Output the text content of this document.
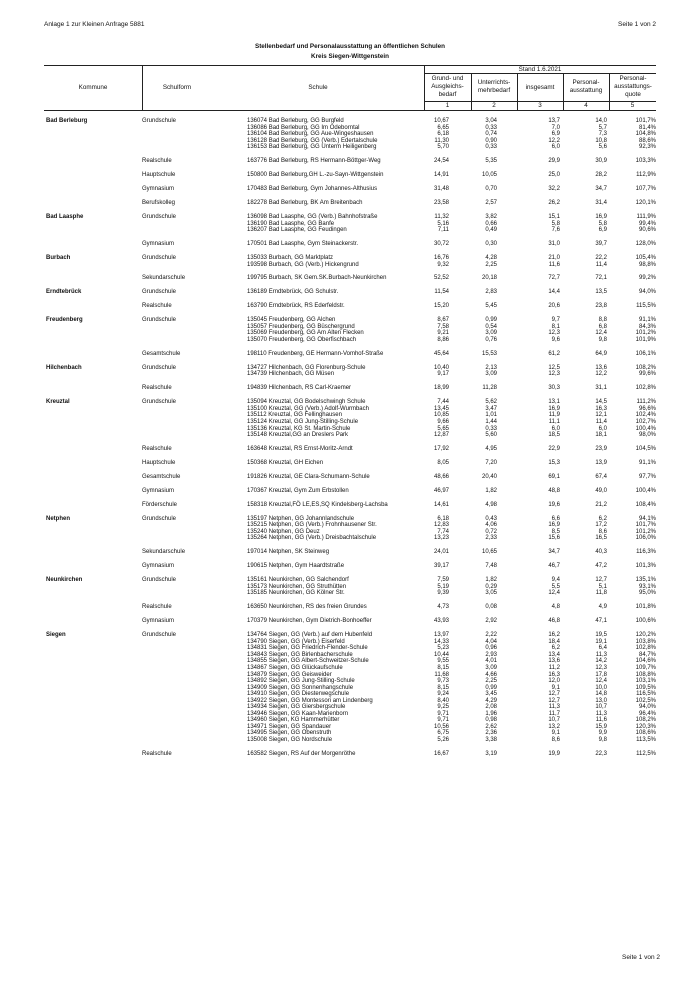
Anlage 1 zur Kleinen Anfrage 5881	Seite 1 von 2
Stellenbedarf und Personalausstattung an öffentlichen Schulen
Kreis Siegen-Wittgenstein
Kommune	Schulform	Schule
Stand 1.6.2021
Grund- und Ausgleichs-bedarf
Unterrichts-mehrbedarf	insgesamt
Personal-ausstattung
Personal-ausstattungs-quote
1	2	3	4	5
Bad Berleburg	Grundschule	136074 Bad Berleburg, GG Burgfeld	10,67	3,04	13,7	14,0	101,7%
136086 Bad Berleburg, GG Im Odeborntal	6,65	0,33	7,0	5,7	81,4%
136104 Bad Berleburg, GG Aue-Wingeshausen	6,18	0,74	6,9	7,3	104,8%
136128 Bad Berleburg, GG (Verb.) Edertalschule	11,30	0,90	12,2	10,8	88,6%
136153 Bad Berleburg, GG Unterm Heiligenberg	5,70	0,33	6,0	5,6	92,3%
Realschule	163776 Bad Berleburg, RS Hermann-Böttger-Weg	24,54	5,35	29,9	30,9	103,3%
Hauptschule	150800 Bad Berleburg,GH L.-zu-Sayn-Wittgenstein	14,91	10,05	25,0	28,2	112,9%
Gymnasium	170483 Bad Berleburg, Gym Johannes-Althusius	31,48	0,70	32,2	34,7	107,7%
Berufskolleg	182278 Bad Berleburg, BK Am Breitenbach	23,58	2,57	26,2	31,4	120,1%
Bad Laasphe	Grundschule	136098 Bad Laasphe, GG (Verb.) Bahnhofstraße	11,32	3,82	15,1	16,9	111,9%
136190 Bad Laasphe, GG Banfe	5,16	0,66	5,8	5,8	99,4%
136207 Bad Laasphe, GG Feudingen	7,11	0,49	7,6	6,9	90,6%
Gymnasium	170501 Bad Laasphe, Gym Steinackerstr.	30,72	0,30	31,0	39,7	128,0%
Burbach	Grundschule	135033 Burbach, GG Marktplatz	16,76	4,28	21,0	22,2	105,4%
193598 Burbach, GG (Verb.) Hickengrund	9,32	2,25	11,6	11,4	98,8%
Sekundarschule	199795 Burbach, SK Gem.SK.Burbach-Neunkirchen	52,52	20,18	72,7	72,1	99,2%
Erndtebrück	Grundschule	136189 Erndtebrück, GG Schulstr.	11,54	2,83	14,4	13,5	94,0%
Realschule	163790 Erndtebrück, RS Ederfeldstr.	15,20	5,45	20,6	23,8	115,5%
Freudenberg	Grundschule	135045 Freudenberg, GG Alchen	8,67	0,99	9,7	8,8	91,1%
135057 Freudenberg, GG Büschergrund	7,58	0,54	8,1	6,8	84,3%
135069 Freudenberg, GG Am Alten Flecken	9,21	3,09	12,3	12,4	101,2%
135070 Freudenberg, GG Oberfischbach	8,86	0,76	9,6	9,8	101,9%
Gesamtschule	198110 Freudenberg, GE Hermann-Vomhof-Straße	45,64	15,53	61,2	64,9	106,1%
Hilchenbach	Grundschule	134727 Hilchenbach, GG Florenburg-Schule	10,40	2,13	12,5	13,6	108,2%
134739 Hilchenbach, GG Müsen	9,17	3,09	12,3	12,2	99,6%
Realschule	194839 Hilchenbach, RS Carl-Kraemer	18,99	11,28	30,3	31,1	102,8%
Kreuztal	Grundschule	135094 Kreuztal, GG Bodelschwingh Schule	7,44	5,62	13,1	14,5	111,2%
135100 Kreuztal, GG (Verb.) Adolf-Wurmbach	13,45	3,47	16,9	16,3	96,6%
135112 Kreuztal, GG Fellinghausen	10,85	1,01	11,9	12,1	102,4%
135124 Kreuztal, GG Jung-Stilling-Schule	9,66	1,44	11,1	11,4	102,7%
135136 Kreuztal, KG St. Martin-Schule	5,65	0,33	6,0	6,0	100,4%
135148 Kreuztal,GG an Dreslers Park	12,87	5,60	18,5	18,1	98,0%
Realschule	163648 Kreuztal, RS Ernst-Moritz-Arndt	17,92	4,95	22,9	23,9	104,5%
Hauptschule	150368 Kreuztal, GH Eichen	8,05	7,20	15,3	13,9	91,1%
Gesamtschule	191826 Kreuztal, GE Clara-Schumann-Schule	48,66	20,40	69,1	67,4	97,7%
Gymnasium	170367 Kreuztal, Gym Zum Erbstollen	46,97	1,82	48,8	49,0	100,4%
Förderschule	158318 Kreuztal,FÖ LE,ES,SQ Kindelsberg-Lachsba	14,61	4,98	19,6	21,2	108,4%
Netphen	Grundschule	135197 Netphen, GG Johannlandschule	6,18	0,43	6,6	6,2	94,1%
135215 Netphen, GG (Verb.) Frohnhausener Str.	12,83	4,06	16,9	17,2	101,7%
135240 Netphen, GG Deuz	7,74	0,72	8,5	8,6	101,2%
135264 Netphen, GG (Verb.) Dreisbachtalschule	13,23	2,33	15,6	16,5	106,0%
Sekundarschule	197014 Netphen, SK Steinweg	24,01	10,65	34,7	40,3	116,3%
Gymnasium	190615 Netphen, Gym Haardtstraße	39,17	7,48	46,7	47,2	101,3%
Neunkirchen	Grundschule	135161 Neunkirchen, GG Salchendorf	7,59	1,82	9,4	12,7	135,1%
135173 Neunkirchen, GG Struthütten	5,19	0,29	5,5	5,1	93,1%
135185 Neunkirchen, GG Kölner Str.	9,39	3,05	12,4	11,8	95,0%
Realschule	163650 Neunkirchen, RS des freien Grundes	4,73	0,08	4,8	4,9	101,8%
Gymnasium	170379 Neunkirchen, Gym Dietrich-Bonhoeffer	43,93	2,92	46,8	47,1	100,6%
Siegen	Grundschule	134764 Siegen, GG (Verb.) auf dem Hubenfeld	13,97	2,22	16,2	19,5	120,2%
134790 Siegen, GG (Verb.) Eiserfeld	14,33	4,04	18,4	19,1	103,8%
134831 Siegen, GG Friedrich-Flender-Schule	5,23	0,96	6,2	6,4	102,8%
134843 Siegen, GG Birlenbacherschule	10,44	2,93	13,4	11,3	84,7%
134855 Siegen, GG Albert-Schweitzer-Schule	9,55	4,01	13,6	14,2	104,6%
134867 Siegen, GG Glückaufschule	8,15	3,09	11,2	12,3	109,7%
134879 Siegen, GG Geisweider	11,68	4,66	16,3	17,8	108,8%
134892 Siegen, GG Jung-Stilling-Schule	9,73	2,25	12,0	12,4	103,1%
134909 Siegen, GG Sonnenhangschule	8,15	0,99	9,1	10,0	109,5%
134910 Siegen, GG Diesterwegschule	9,24	3,45	12,7	14,8	116,5%
134922 Siegen, GG Montessori am Lindenberg	8,40	4,29	12,7	13,0	102,5%
134934 Siegen, GG Giersbergschule	9,25	2,08	11,3	10,7	94,0%
134946 Siegen, GG Kaan-Marienborn	9,71	1,96	11,7	11,3	96,4%
134960 Siegen, KG Hammerhütter	9,71	0,98	10,7	11,6	108,2%
134971 Siegen, GG Spandauer	10,56	2,62	13,2	15,9	120,3%
134995 Siegen, GG Obenstruth	6,75	2,36	9,1	9,9	108,6%
135008 Siegen, GG Nordschule	5,26	3,38	8,6	9,8	113,5%
Realschule	163582 Siegen, RS Auf der Morgenröthe	16,67	3,19	19,9	22,3	112,5%
Seite 1 von 2
